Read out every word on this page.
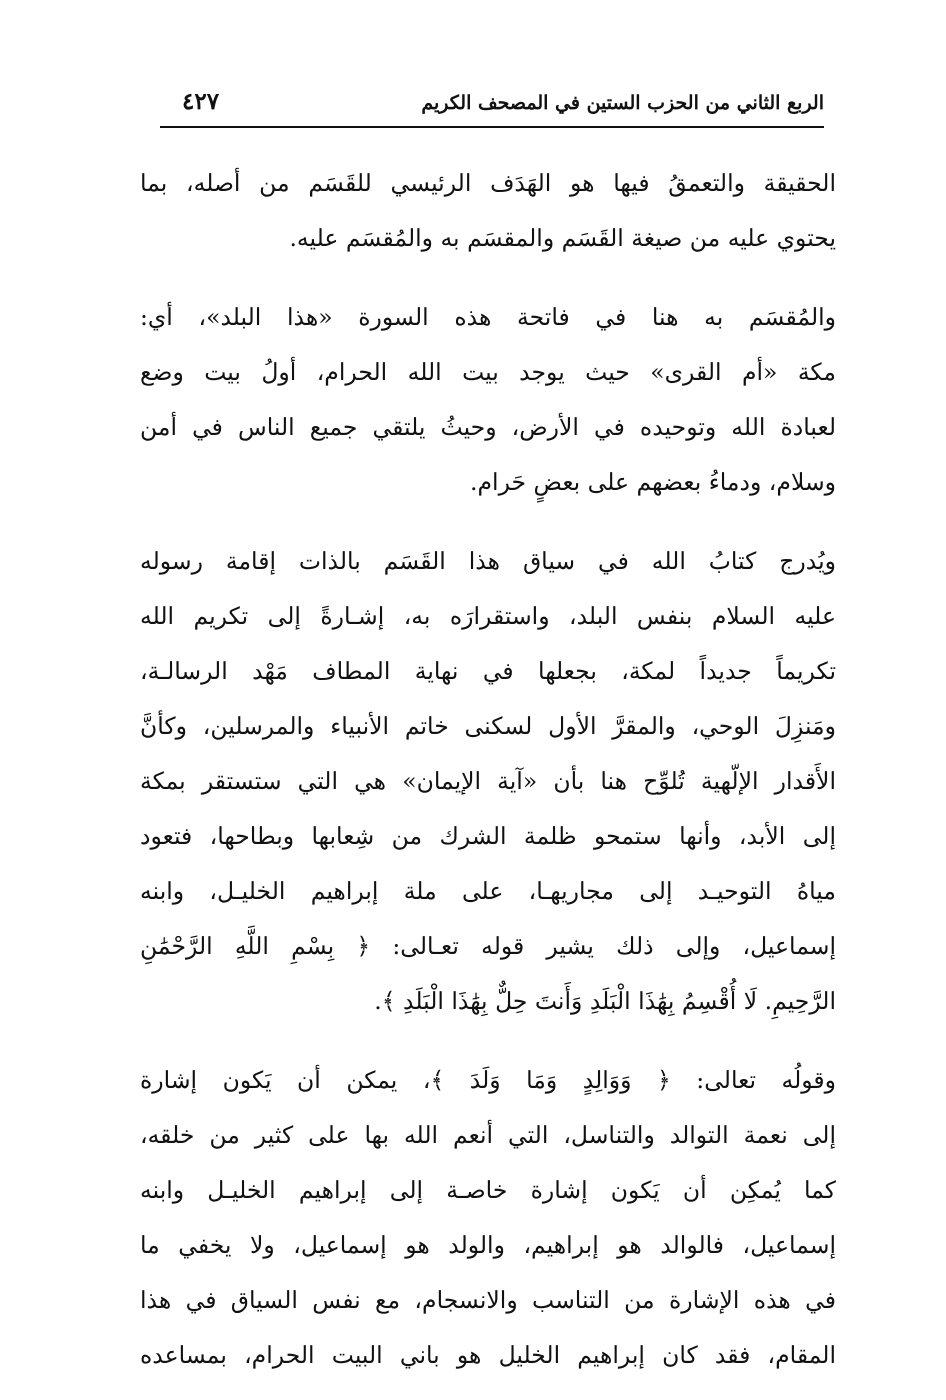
الربع الثاني من الحزب الستين في المصحف الكريم
٤٢٧
الحقيقة والتعمقُ فيها هو الهَدَف الرئيسي للقَسَم من أصله، بما
يحتوي عليه من صيغة القَسَم والمقسَم به والمُقسَم عليه.
والمُقسَم به هنا في فاتحة هذه السورة «هذا البلد»، أي:
مكة «أم القرى» حيث يوجد بيت الله الحرام، أولُ بيت وضع
لعبادة الله وتوحيده في الأرض، وحيثُ يلتقي جميع الناس في أمن
وسلام، ودماءُ بعضهم على بعضٍ حَرام.
ويُدرج كتابُ الله في سياق هذا القَسَم بالذات إقامة رسوله
عليه السلام بنفس البلد، واستقرارَه به، إشـارةً إلى تكريم الله
تكريماً جديداً لمكة، بجعلها في نهاية المطاف مَهْد الرسالـة،
ومَنزِلَ الوحي، والمقرَّ الأول لسكنى خاتم الأنبياء والمرسلين، وكأنَّ
الأَقدار الإلّهية تُلوِّح هنا بأن «آية الإيمان» هي التي ستستقر بمكة
إلى الأبد، وأنها ستمحو ظلمة الشرك من شِعابها وبطاحها، فتعود
مياهُ التوحيـد إلى مجاريهـا، على ملة إبراهيم الخليـل، وابنه
إسماعيل، وإلى ذلك يشير قوله تعـالى: ﴿ بِسْمِ اللَّهِ الرَّحْمَٰنِ
الرَّحِيمِ. لَا أُقْسِمُ بِهَٰذَا الْبَلَدِ وَأَنتَ حِلٌّ بِهَٰذَا الْبَلَدِ ﴾.
وقولُه تعالى: ﴿ وَوَالِدٍ وَمَا وَلَدَ ﴾، يمكن أن يَكون إشارة
إلى نعمة التوالد والتناسل، التي أنعم الله بها على كثير من خلقه،
كما يُمكِن أن يَكون إشارة خاصـة إلى إبراهيم الخليـل وابنه
إسماعيل، فالوالد هو إبراهيم، والولد هو إسماعيل، ولا يخفي ما
في هذه الإشارة من التناسب والانسجام، مع نفس السياق في هذا
المقام، فقد كان إبراهيم الخليل هو باني البيت الحرام، بمساعده
